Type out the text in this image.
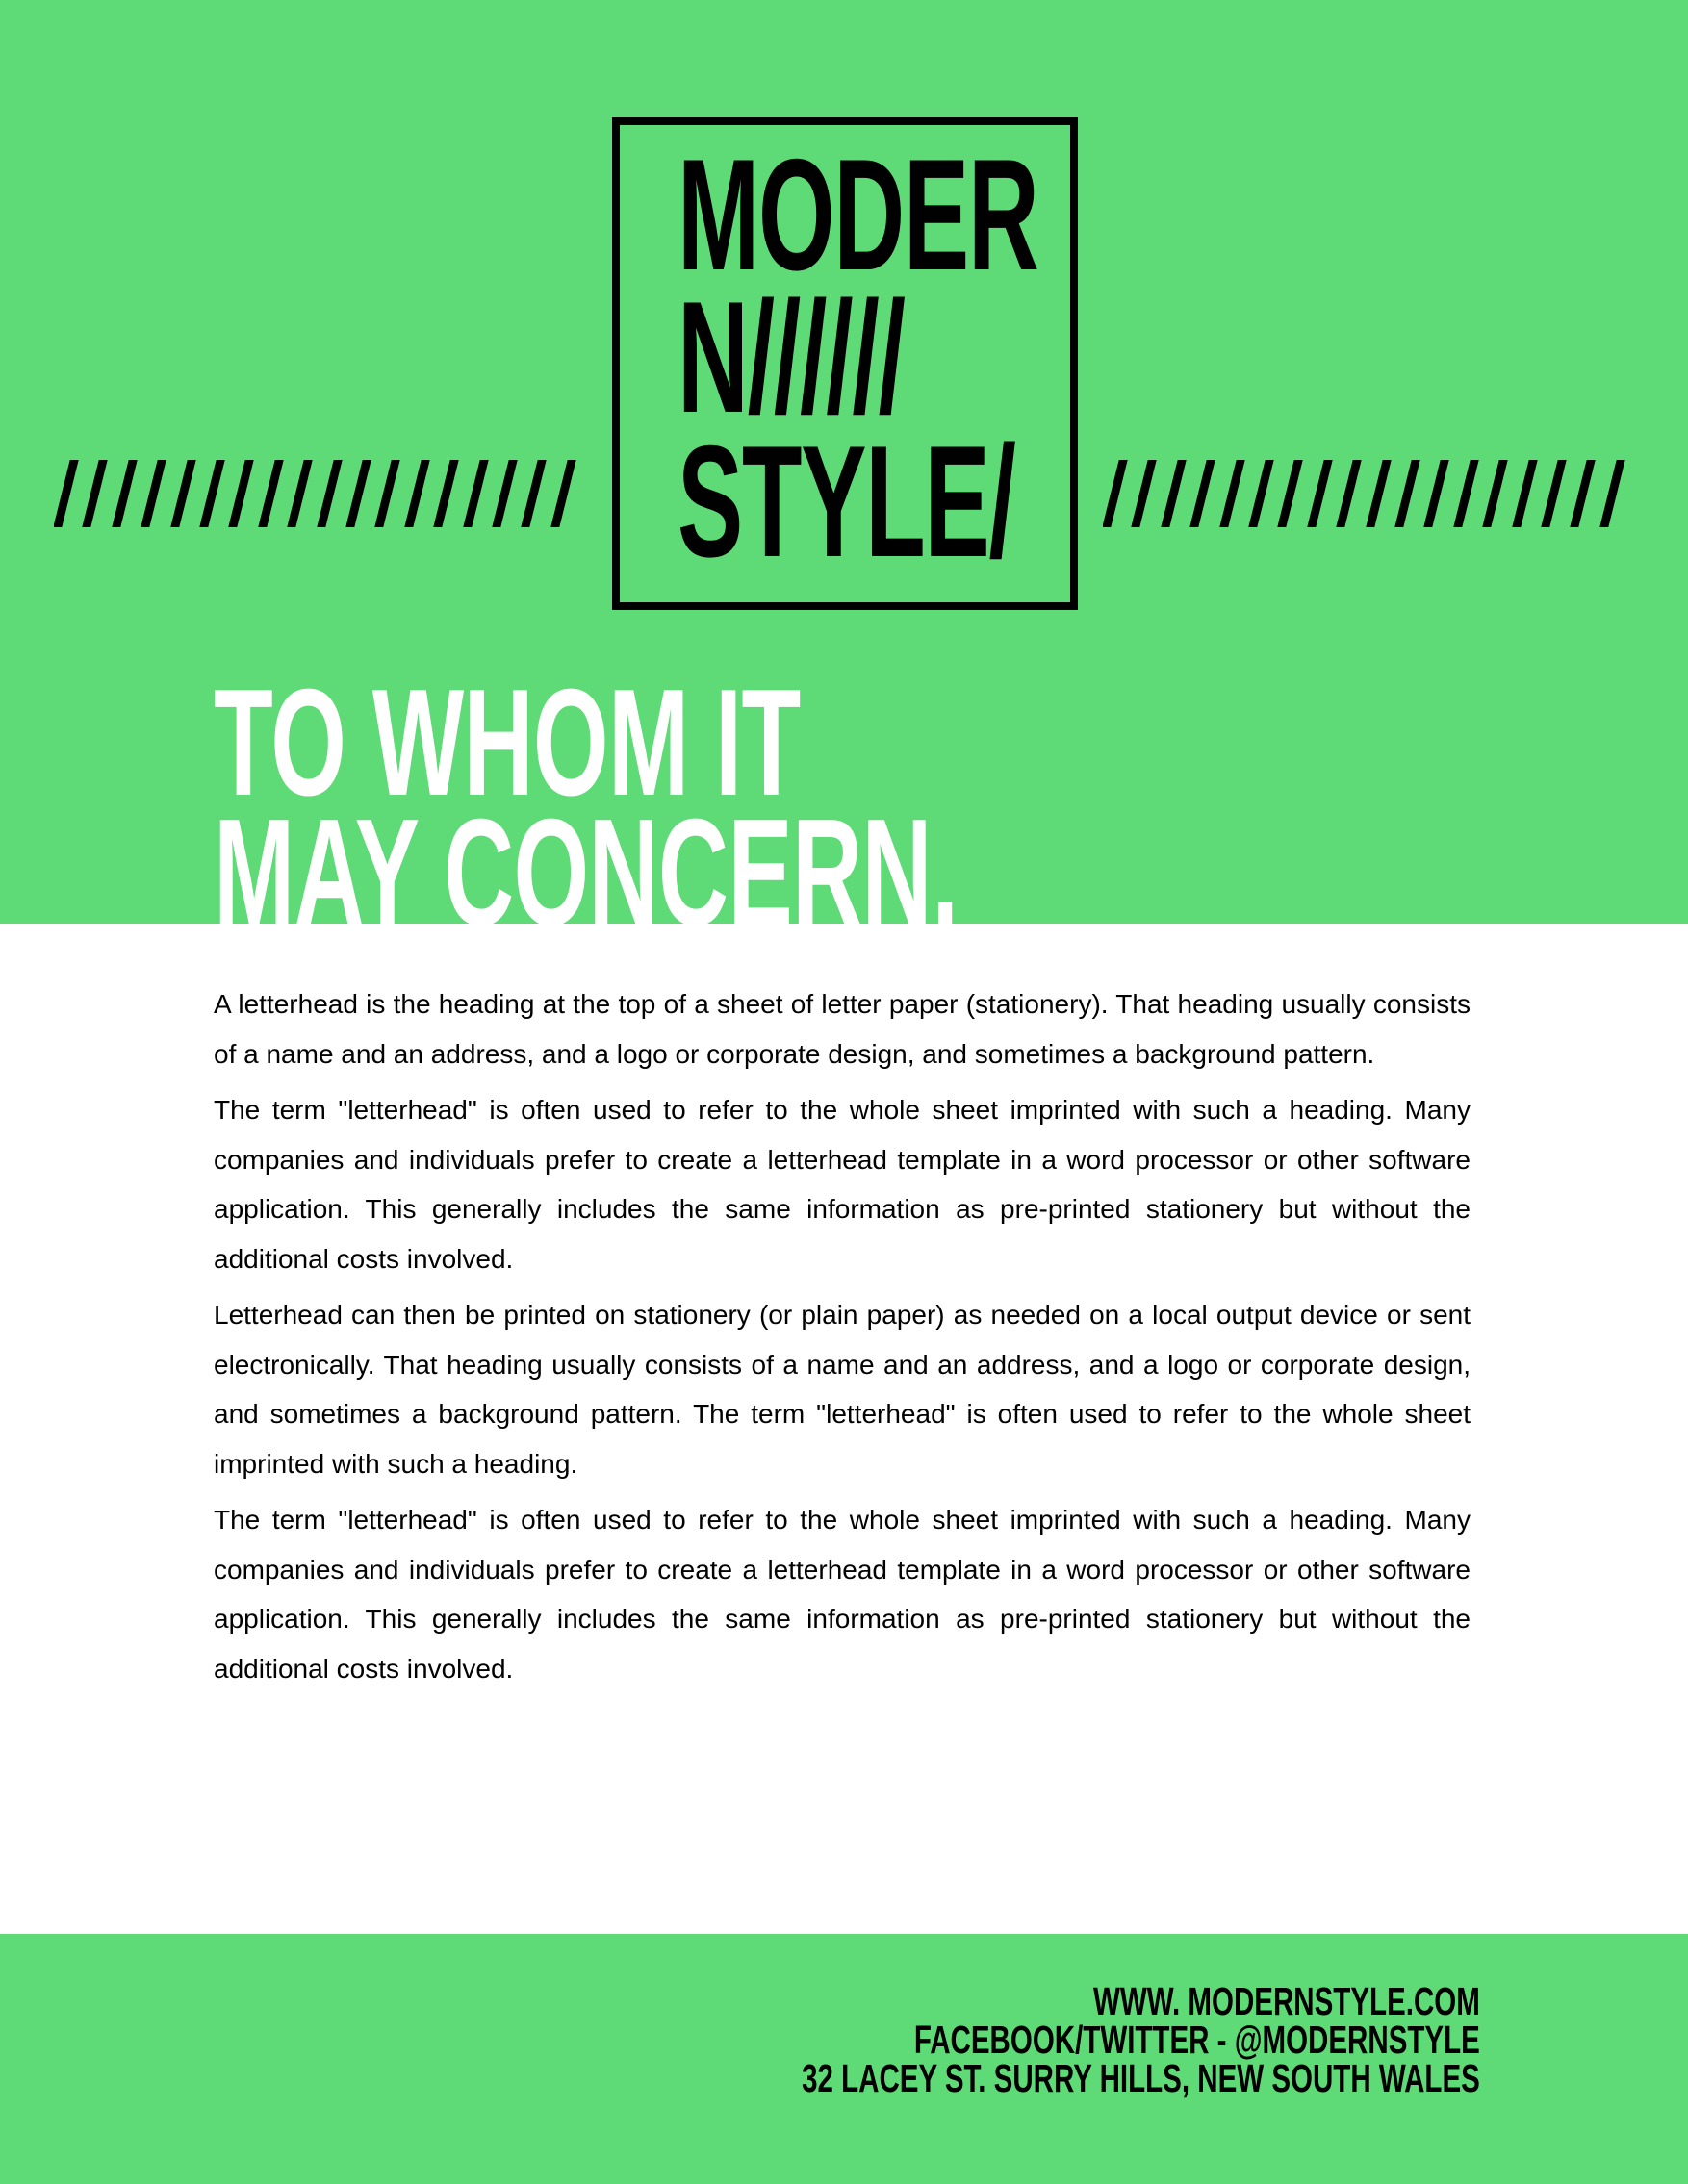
MODER
N//////
STYLE/
TO WHOM IT
MAY CONCERN,

A letterhead is the heading at the top of a sheet of letter paper (stationery). That heading usually consists of a name and an address, and a logo or corporate design, and sometimes a background pattern.

The term "letterhead" is often used to refer to the whole sheet imprinted with such a heading. Many companies and individuals prefer to create a letterhead template in a word processor or other software application. This generally includes the same information as pre-printed stationery but without the additional costs involved.

Letterhead can then be printed on stationery (or plain paper) as needed on a local output device or sent electronically. That heading usually consists of a name and an address, and a logo or corporate design, and sometimes a background pattern. The term "letterhead" is often used to refer to the whole sheet imprinted with such a heading.

The term "letterhead" is often used to refer to the whole sheet imprinted with such a heading. Many companies and individuals prefer to create a letterhead template in a word processor or other software application. This generally includes the same information as pre-printed stationery but without the additional costs involved.

WWW. MODERNSTYLE.COM
FACEBOOK/TWITTER - @MODERNSTYLE
32 LACEY ST. SURRY HILLS, NEW SOUTH WALES
